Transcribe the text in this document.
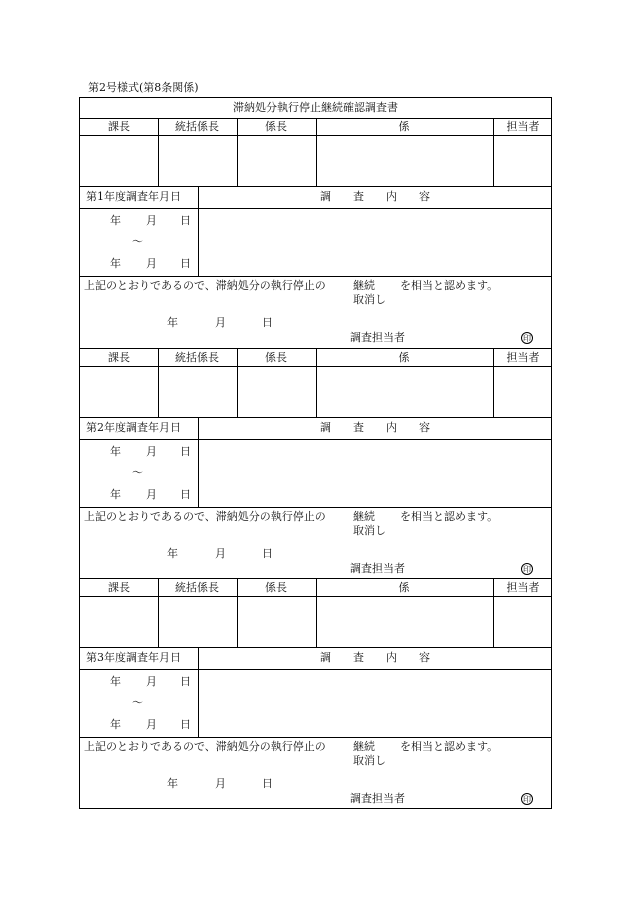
第2号様式(第8条関係)
滞納処分執行停止継続確認調査書
課長	統括係長	係長	係	担当者
第1年度調査年月日	調　　査　　内　　容
年 月 日
～
年 月 日
上記のとおりであるので、滞納処分の執行停止の 継続 を相当と認めます。
取消し
年	月	日
調査担当者	印
課長	統括係長	係長	係	担当者
第2年度調査年月日	調　　査　　内　　容
年 月 日
～
年 月 日
上記のとおりであるので、滞納処分の執行停止の 継続 を相当と認めます。
取消し
年	月	日
調査担当者	印
課長	統括係長	係長	係	担当者
第3年度調査年月日	調　　査　　内　　容
年 月 日
～
年 月 日
上記のとおりであるので、滞納処分の執行停止の 継続 を相当と認めます。
取消し
年	月	日
調査担当者	印
